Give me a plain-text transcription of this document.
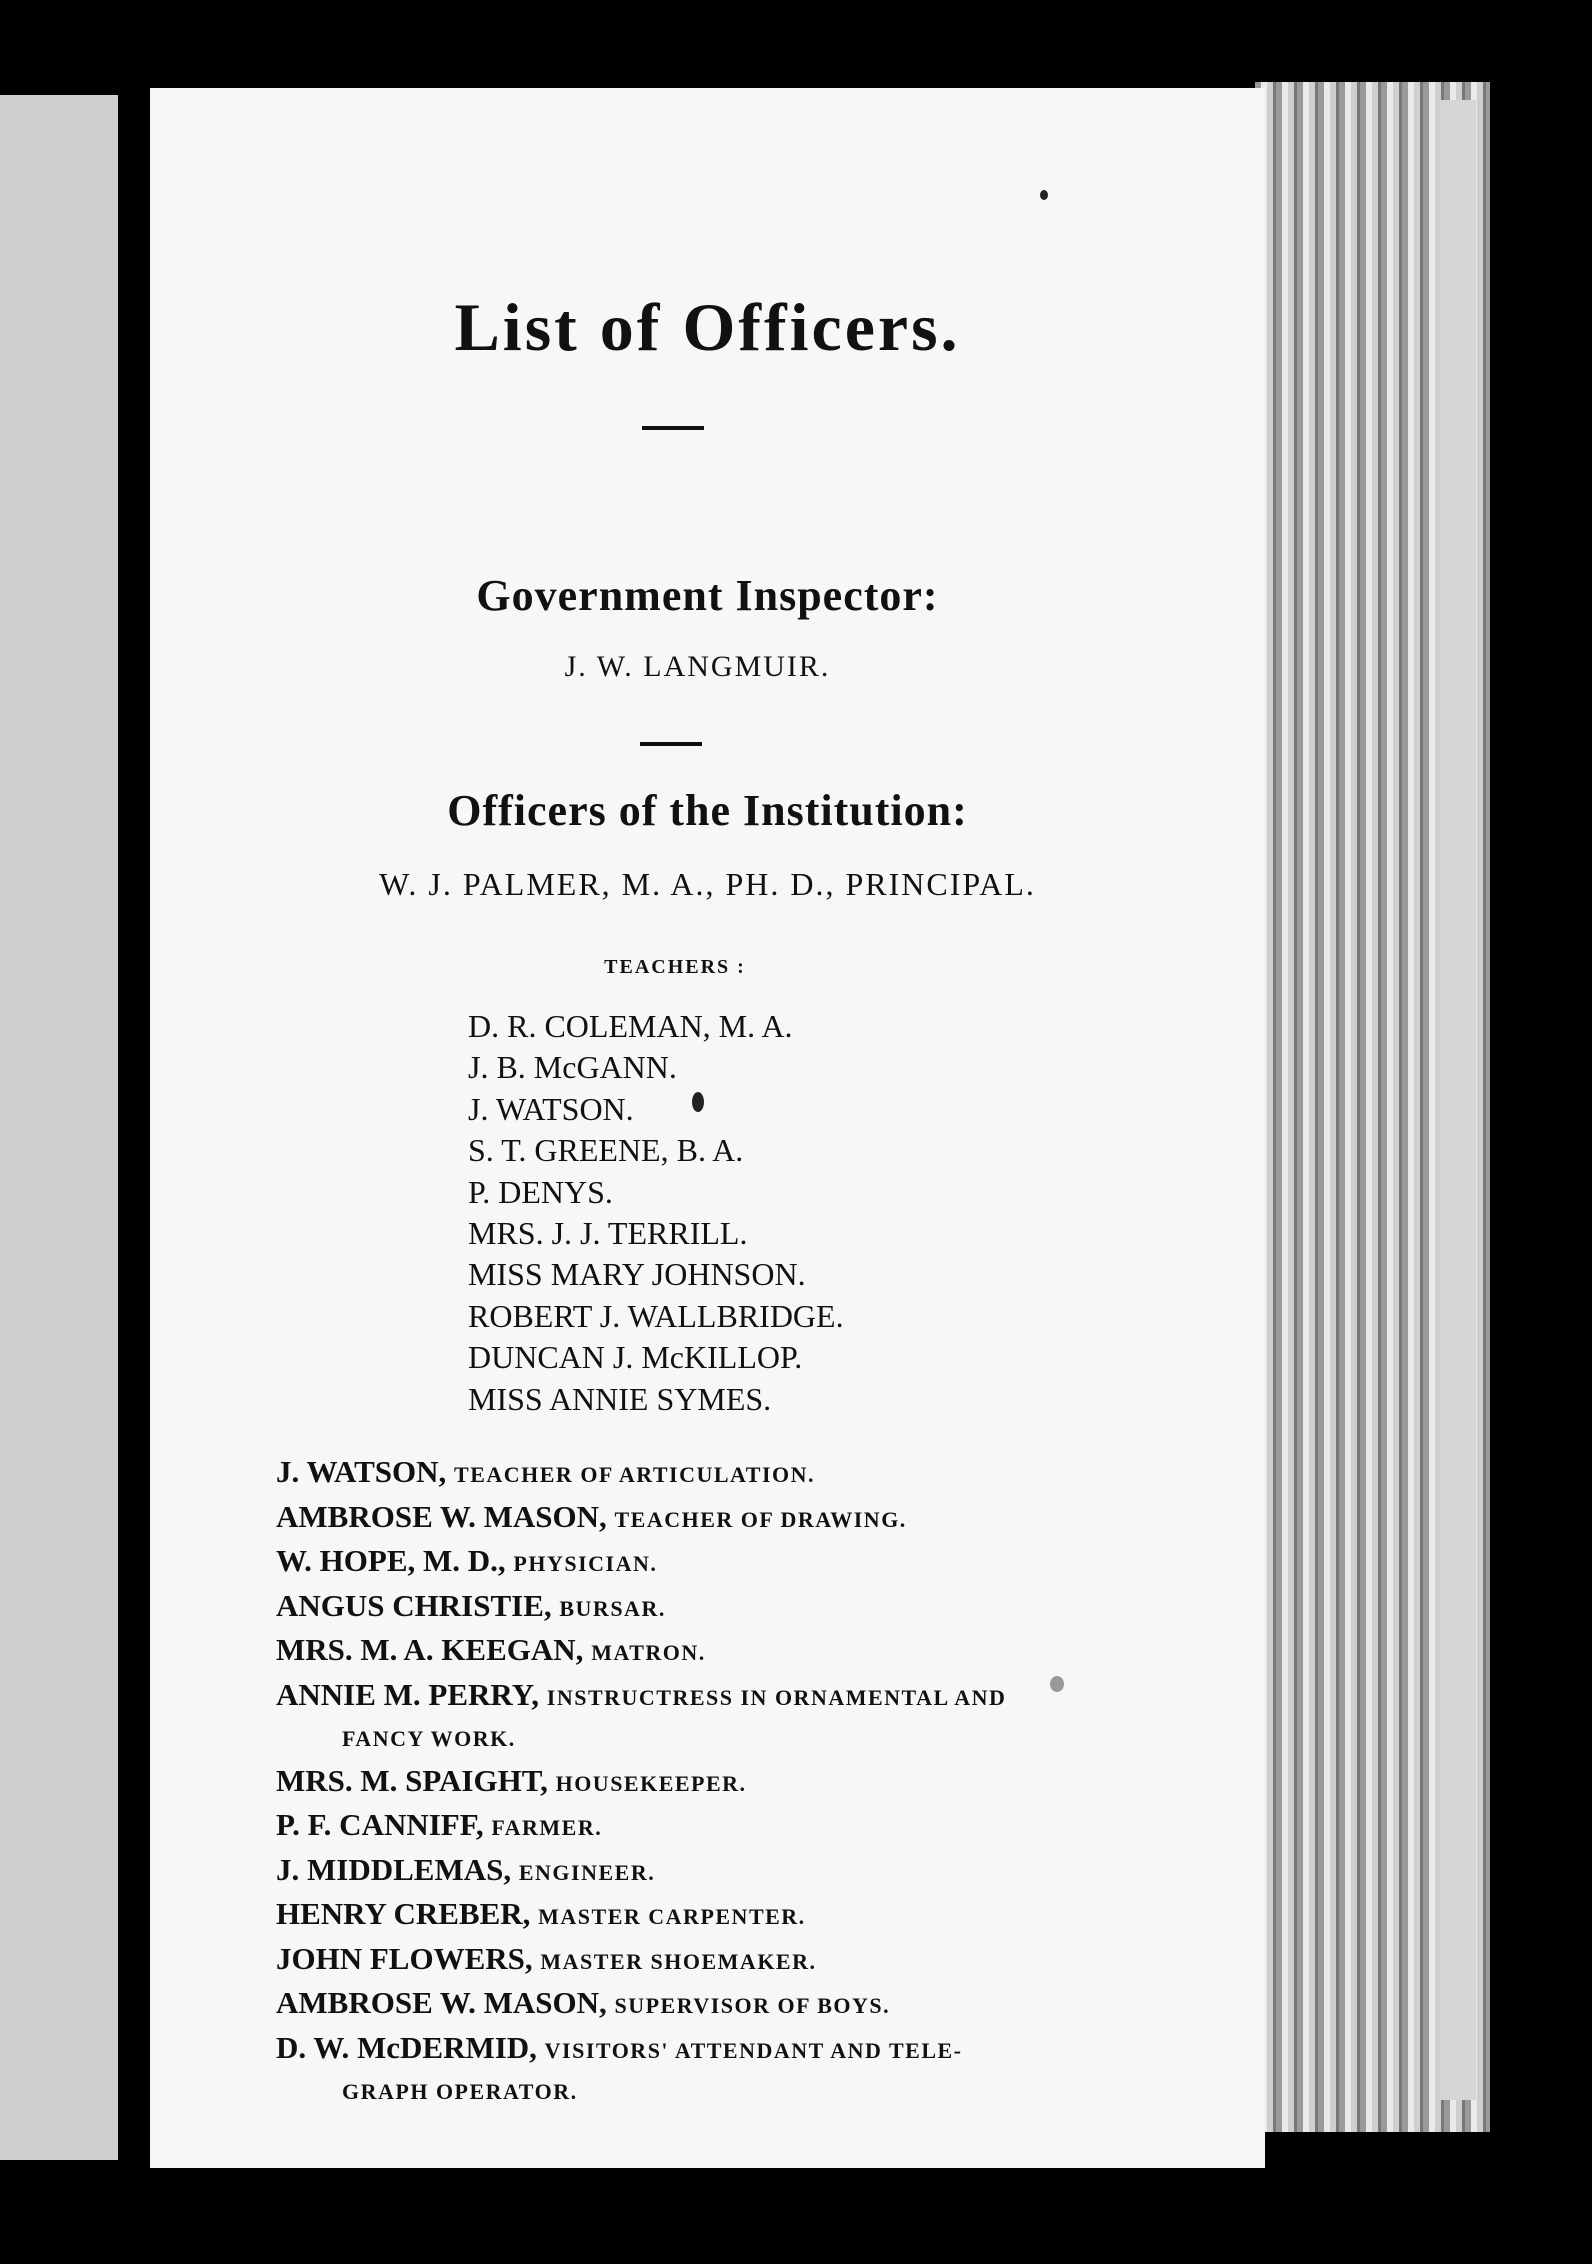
List of Officers.
Government Inspector:
J. W. LANGMUIR.
Officers of the Institution:
W. J. PALMER, M. A., PH. D., PRINCIPAL.
TEACHERS :
D. R. COLEMAN, M. A.
J. B. McGANN.
J. WATSON.
S. T. GREENE, B. A.
P. DENYS.
MRS. J. J. TERRILL.
MISS MARY JOHNSON.
ROBERT J. WALLBRIDGE.
DUNCAN J. McKILLOP.
MISS ANNIE SYMES.
J. WATSON, TEACHER OF ARTICULATION.
AMBROSE W. MASON, TEACHER OF DRAWING.
W. HOPE, M. D., PHYSICIAN.
ANGUS CHRISTIE, BURSAR.
MRS. M. A. KEEGAN, MATRON.
ANNIE M. PERRY, INSTRUCTRESS IN ORNAMENTAL AND
FANCY WORK.
MRS. M. SPAIGHT, HOUSEKEEPER.
P. F. CANNIFF, FARMER.
J. MIDDLEMAS, ENGINEER.
HENRY CREBER, MASTER CARPENTER.
JOHN FLOWERS, MASTER SHOEMAKER.
AMBROSE W. MASON, SUPERVISOR OF BOYS.
D. W. McDERMID, VISITORS' ATTENDANT AND TELE-
GRAPH OPERATOR.
